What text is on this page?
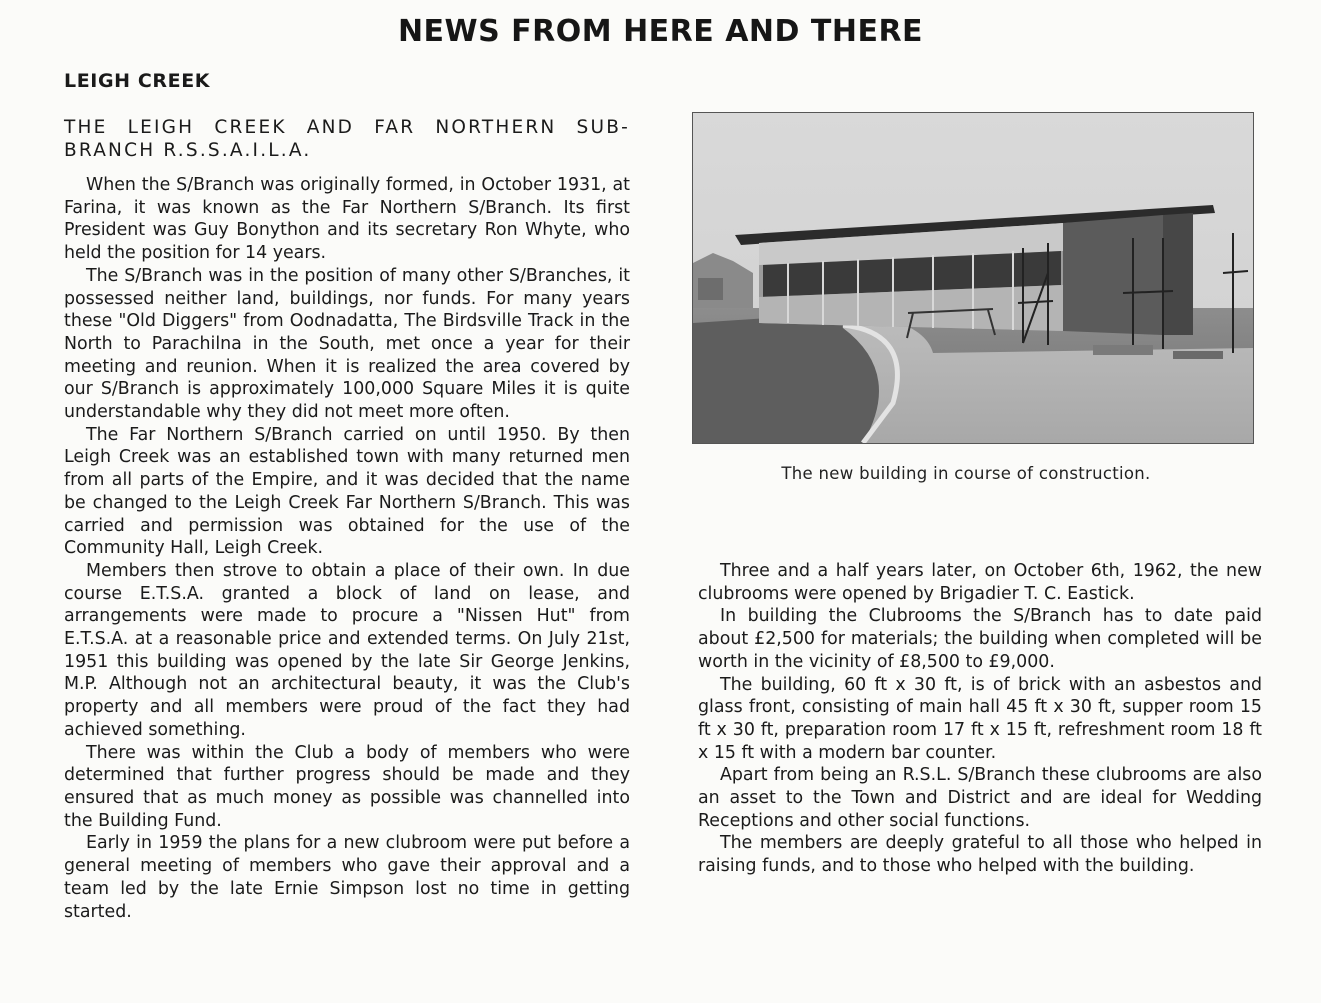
NEWS FROM HERE AND THERE
LEIGH CREEK

THE LEIGH CREEK AND FAR NORTHERN SUB-BRANCH R.S.S.A.I.L.A.

When the S/Branch was originally formed, in October 1931, at Farina, it was known as the Far Northern S/Branch. Its first President was Guy Bonython and its secretary Ron Whyte, who held the position for 14 years.

The S/Branch was in the position of many other S/Branches, it possessed neither land, buildings, nor funds. For many years these "Old Diggers" from Oodnadatta, The Birdsville Track in the North to Parachilna in the South, met once a year for their meeting and reunion. When it is realized the area covered by our S/Branch is approximately 100,000 Square Miles it is quite understandable why they did not meet more often.

The Far Northern S/Branch carried on until 1950. By then Leigh Creek was an established town with many returned men from all parts of the Empire, and it was decided that the name be changed to the Leigh Creek Far Northern S/Branch. This was carried and permission was obtained for the use of the Community Hall, Leigh Creek.

Members then strove to obtain a place of their own. In due course E.T.S.A. granted a block of land on lease, and arrangements were made to procure a "Nissen Hut" from E.T.S.A. at a reasonable price and extended terms. On July 21st, 1951 this building was opened by the late Sir George Jenkins, M.P. Although not an architectural beauty, it was the Club's property and all members were proud of the fact they had achieved something.

There was within the Club a body of members who were determined that further progress should be made and they ensured that as much money as possible was channelled into the Building Fund.

Early in 1959 the plans for a new clubroom were put before a general meeting of members who gave their approval and a team led by the late Ernie Simpson lost no time in getting started.

The new building in course of construction.

Three and a half years later, on October 6th, 1962, the new clubrooms were opened by Brigadier T. C. Eastick.

In building the Clubrooms the S/Branch has to date paid about £2,500 for materials; the building when completed will be worth in the vicinity of £8,500 to £9,000.

The building, 60 ft x 30 ft, is of brick with an asbestos and glass front, consisting of main hall 45 ft x 30 ft, supper room 15 ft x 30 ft, preparation room 17 ft x 15 ft, refreshment room 18 ft x 15 ft with a modern bar counter.

Apart from being an R.S.L. S/Branch these clubrooms are also an asset to the Town and District and are ideal for Wedding Receptions and other social functions.

The members are deeply grateful to all those who helped in raising funds, and to those who helped with the building.
